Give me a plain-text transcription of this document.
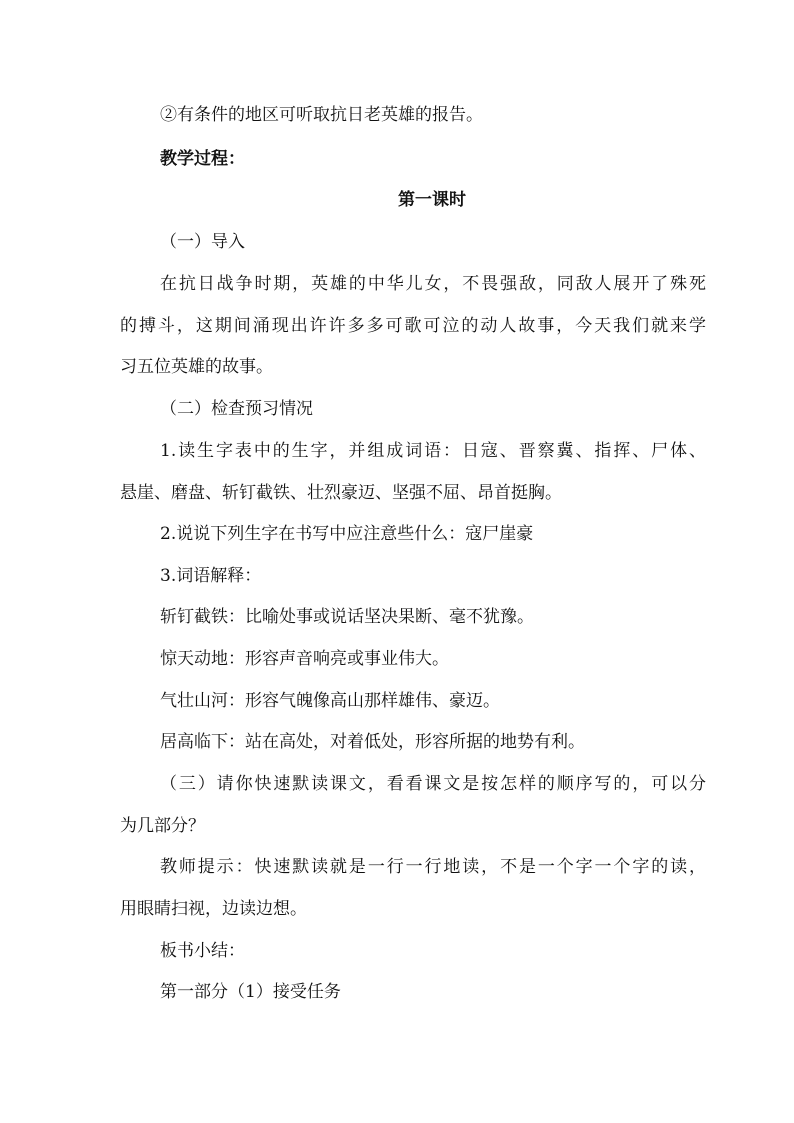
②有条件的地区可听取抗日老英雄的报告。
教学过程：
第一课时
（一）导入
在抗日战争时期，英雄的中华儿女，不畏强敌，同敌人展开了殊死
的搏斗，这期间涌现出许许多多可歌可泣的动人故事，今天我们就来学
习五位英雄的故事。
（二）检查预习情况
1.读生字表中的生字，并组成词语：日寇、晋察冀、指挥、尸体、
悬崖、磨盘、斩钉截铁、壮烈豪迈、坚强不屈、昂首挺胸。
2.说说下列生字在书写中应注意些什么：寇尸崖豪
3.词语解释：
斩钉截铁：比喻处事或说话坚决果断、毫不犹豫。
惊天动地：形容声音响亮或事业伟大。
气壮山河：形容气魄像高山那样雄伟、豪迈。
居高临下：站在高处，对着低处，形容所据的地势有利。
（三）请你快速默读课文，看看课文是按怎样的顺序写的，可以分
为几部分？
教师提示：快速默读就是一行一行地读，不是一个字一个字的读，
用眼睛扫视，边读边想。
板书小结：
第一部分（1）接受任务
